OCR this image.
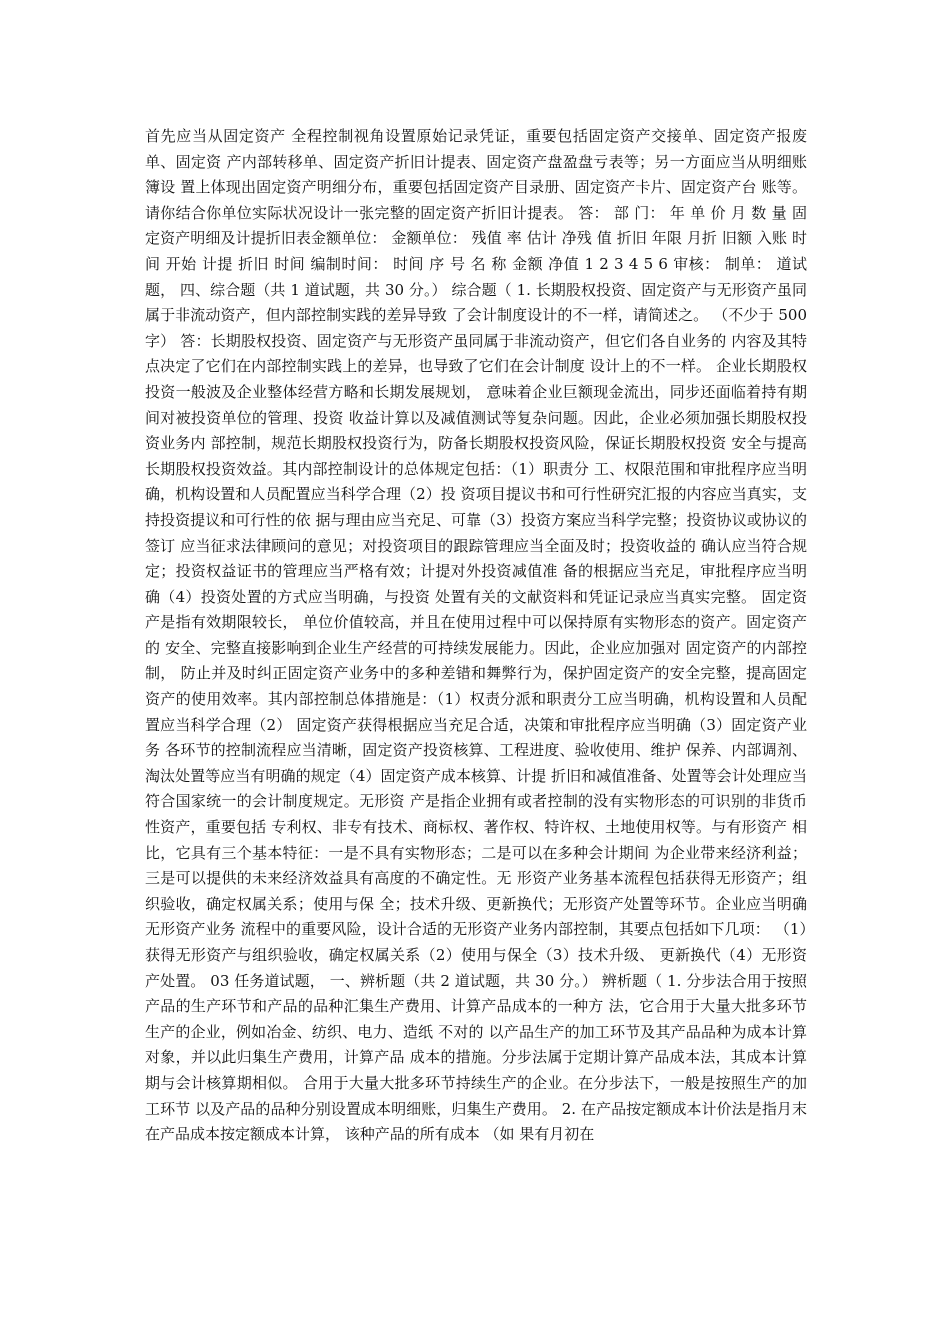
首先应当从固定资产 全程控制视角设置原始记录凭证，重要包括固定资产交接单、固定资产报废单、固定资 产内部转移单、固定资产折旧计提表、固定资产盘盈盘亏表等；另一方面应当从明细账簿设 置上体现出固定资产明细分布，重要包括固定资产目录册、固定资产卡片、固定资产台 账等。请你结合你单位实际状况设计一张完整的固定资产折旧计提表。 答： 部 门： 年 单 价 月 数 量 固定资产明细及计提折旧表金额单位： 金额单位： 残值 率 估计 净残 值 折旧 年限 月折 旧额 入账 时间 开始 计提 折旧 时间 编制时间： 时间 序 号 名 称 金额 净值 1 2 3 4 5 6 审核： 制单： 道试题， 四、综合题（共 1 道试题，共 30 分。） 综合题（ 1. 长期股权投资、固定资产与无形资产虽同属于非流动资产，但内部控制实践的差异导致 了会计制度设计的不一样，请简述之。 （不少于 500 字） 答：长期股权投资、固定资产与无形资产虽同属于非流动资产，但它们各自业务的 内容及其特点决定了它们在内部控制实践上的差异，也导致了它们在会计制度 设计上的不一样。 企业长期股权投资一般波及企业整体经营方略和长期发展规划， 意味着企业巨额现金流出，同步还面临着持有期间对被投资单位的管理、投资 收益计算以及减值测试等复杂问题。因此，企业必须加强长期股权投资业务内 部控制，规范长期股权投资行为，防备长期股权投资风险，保证长期股权投资 安全与提高长期股权投资效益。其内部控制设计的总体规定包括：（1）职责分 工、权限范围和审批程序应当明确，机构设置和人员配置应当科学合理（2）投 资项目提议书和可行性研究汇报的内容应当真实，支持投资提议和可行性的依 据与理由应当充足、可靠（3）投资方案应当科学完整；投资协议或协议的签订 应当征求法律顾问的意见；对投资项目的跟踪管理应当全面及时；投资收益的 确认应当符合规定；投资权益证书的管理应当严格有效；计提对外投资减值准 备的根据应当充足，审批程序应当明确（4）投资处置的方式应当明确，与投资 处置有关的文献资料和凭证记录应当真实完整。 固定资产是指有效期限较长， 单位价值较高，并且在使用过程中可以保持原有实物形态的资产。固定资产的 安全、完整直接影响到企业生产经营的可持续发展能力。因此，企业应加强对 固定资产的内部控制， 防止并及时纠正固定资产业务中的多种差错和舞弊行为，保护固定资产的安全完整，提高固定资产的使用效率。其内部控制总体措施是：（1）权责分派和职责分工应当明确，机构设置和人员配置应当科学合理（2） 固定资产获得根据应当充足合适，决策和审批程序应当明确（3）固定资产业务 各环节的控制流程应当清晰，固定资产投资核算、工程进度、验收使用、维护 保养、内部调剂、淘汰处置等应当有明确的规定（4）固定资产成本核算、计提 折旧和减值准备、处置等会计处理应当符合国家统一的会计制度规定。无形资 产是指企业拥有或者控制的没有实物形态的可识别的非货币性资产，重要包括 专利权、非专有技术、商标权、著作权、特许权、土地使用权等。与有形资产 相比，它具有三个基本特征：一是不具有实物形态；二是可以在多种会计期间 为企业带来经济利益；三是可以提供的未来经济效益具有高度的不确定性。无 形资产业务基本流程包括获得无形资产；组织验收，确定权属关系；使用与保 全；技术升级、更新换代；无形资产处置等环节。企业应当明确无形资产业务 流程中的重要风险，设计合适的无形资产业务内部控制，其要点包括如下几项： （1）获得无形资产与组织验收，确定权属关系（2）使用与保全（3）技术升级、 更新换代（4）无形资产处置。 03 任务道试题， 一、辨析题（共 2 道试题，共 30 分。） 辨析题（ 1. 分步法合用于按照产品的生产环节和产品的品种汇集生产费用、计算产品成本的一种方 法，它合用于大量大批多环节生产的企业，例如冶金、纺织、电力、造纸 不对的 以产品生产的加工环节及其产品品种为成本计算对象，并以此归集生产费用，计算产品 成本的措施。分步法属于定期计算产品成本法，其成本计算期与会计核算期相似。 合用于大量大批多环节持续生产的企业。在分步法下，一般是按照生产的加工环节 以及产品的品种分别设置成本明细账，归集生产费用。 2. 在产品按定额成本计价法是指月末在产品成本按定额成本计算， 该种产品的所有成本 （如 果有月初在
